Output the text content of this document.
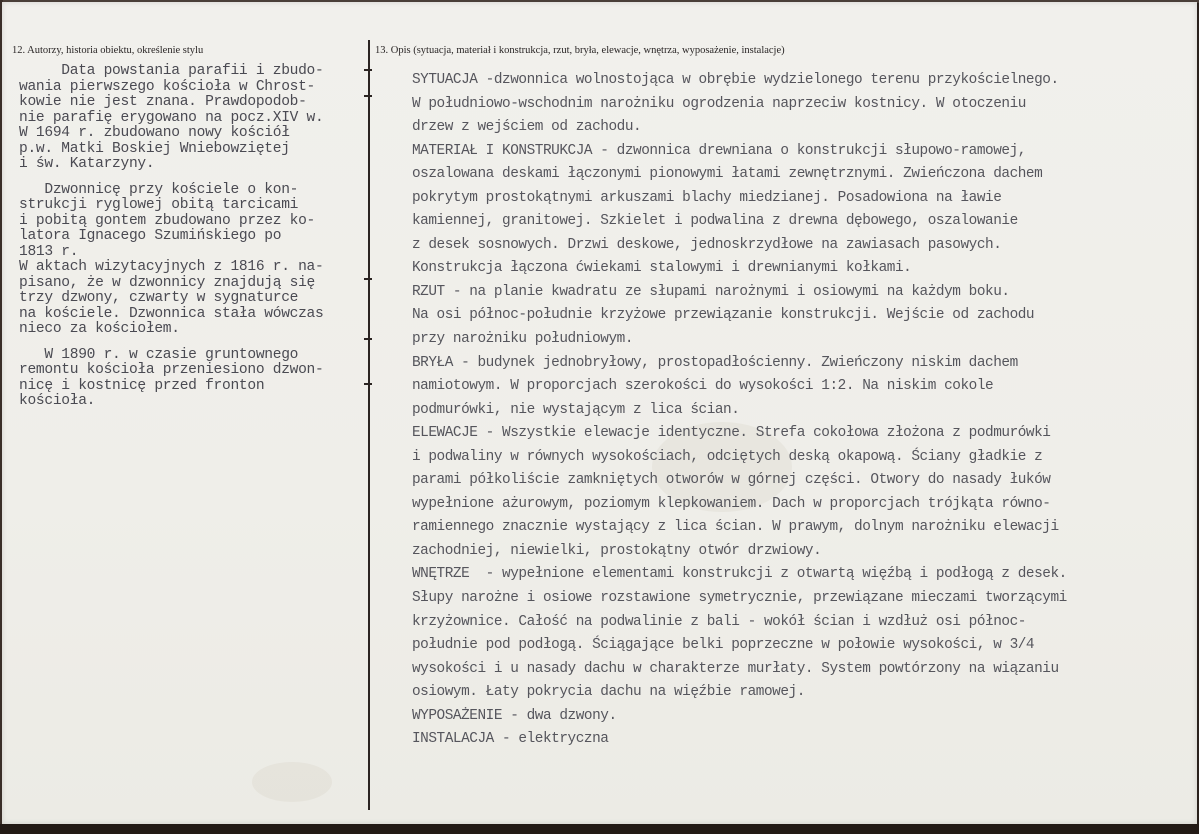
12. Autorzy, historia obiektu, określenie stylu	13. Opis (sytuacja, materiał i konstrukcja, rzut, bryła, elewacje, wnętrza, wyposażenie, instalacje)
Data powstania parafii i zbudo-
wania pierwszego kościoła w Chrost-
kowie nie jest znana. Prawdopodob-
nie parafię erygowano na pocz.XIV w.
W 1694 r. zbudowano nowy kościół
p.w. Matki Boskiej Wniebowziętej
i św. Katarzyny.
Dzwonnicę przy kościele o kon-
strukcji ryglowej obitą tarcicami
i pobitą gontem zbudowano przez ko-
latora Ignacego Szumińskiego po
1813 r.
W aktach wizytacyjnych z 1816 r. na-
pisano, że w dzwonnicy znajdują się
trzy dzwony, czwarty w sygnaturce
na kościele. Dzwonnica stała wówczas
nieco za kościołem.
W 1890 r. w czasie gruntownego
remontu kościoła przeniesiono dzwon-
nicę i kostnicę przed fronton
kościoła.
SYTUACJA -dzwonnica wolnostojąca w obrębie wydzielonego terenu przykościelnego.
W południowo-wschodnim narożniku ogrodzenia naprzeciw kostnicy. W otoczeniu
drzew z wejściem od zachodu.
MATERIAŁ I KONSTRUKCJA - dzwonnica drewniana o konstrukcji słupowo-ramowej,
oszalowana deskami łączonymi pionowymi łatami zewnętrznymi. Zwieńczona dachem
pokrytym prostokątnymi arkuszami blachy miedzianej. Posadowiona na ławie
kamiennej, granitowej. Szkielet i podwalina z drewna dębowego, oszalowanie
z desek sosnowych. Drzwi deskowe, jednoskrzydłowe na zawiasach pasowych.
Konstrukcja łączona ćwiekami stalowymi i drewnianymi kołkami.
RZUT - na planie kwadratu ze słupami narożnymi i osiowymi na każdym boku.
Na osi północ-południe krzyżowe przewiązanie konstrukcji. Wejście od zachodu
przy narożniku południowym.
BRYŁA - budynek jednobryłowy, prostopadłościenny. Zwieńczony niskim dachem
namiotowym. W proporcjach szerokości do wysokości 1:2. Na niskim cokole
podmurówki, nie wystającym z lica ścian.
ELEWACJE - Wszystkie elewacje identyczne. Strefa cokołowa złożona z podmurówki
i podwaliny w równych wysokościach, odciętych deską okapową. Ściany gładkie z
parami półkoliście zamkniętych otworów w górnej części. Otwory do nasady łuków
wypełnione ażurowym, poziomym klepkowaniem. Dach w proporcjach trójkąta równo-
ramiennego znacznie wystający z lica ścian. W prawym, dolnym narożniku elewacji
zachodniej, niewielki, prostokątny otwór drzwiowy.
WNĘTRZE  - wypełnione elementami konstrukcji z otwartą więźbą i podłogą z desek.
Słupy narożne i osiowe rozstawione symetrycznie, przewiązane mieczami tworzącymi
krzyżownice. Całość na podwalinie z bali - wokół ścian i wzdłuż osi północ-
południe pod podłogą. Ściągające belki poprzeczne w połowie wysokości, w 3/4
wysokości i u nasady dachu w charakterze murłaty. System powtórzony na wiązaniu
osiowym. Łaty pokrycia dachu na więźbie ramowej.
WYPOSAŻENIE - dwa dzwony.
INSTALACJA - elektryczna
